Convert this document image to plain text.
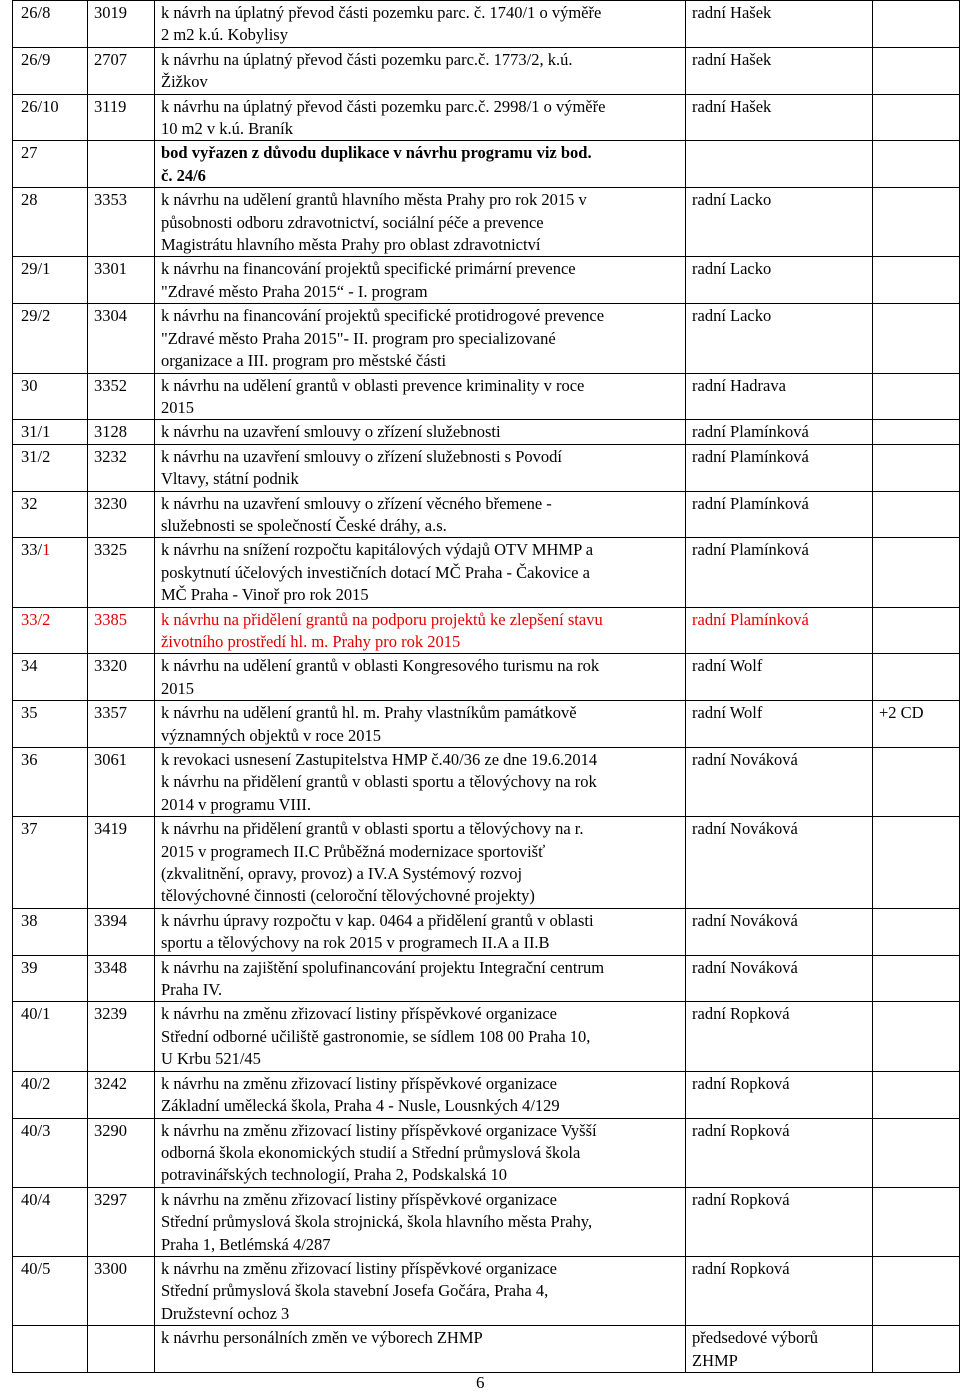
26/8	3019	k návrh na úplatný převod části pozemku parc. č. 1740/1 o výměře
2 m2 k.ú. Kobylisy	radní Hašek	

26/9	2707	k návrhu na úplatný převod části pozemku parc.č. 1773/2, k.ú.
Žižkov	radní Hašek	

26/10	3119	k návrhu na úplatný převod části pozemku parc.č. 2998/1 o výměře
10 m2 v k.ú. Braník	radní Hašek	

27		bod vyřazen z důvodu duplikace v návrhu programu viz bod.
č. 24/6		

28	3353	k návrhu na udělení grantů hlavního města Prahy pro rok 2015 v
působnosti odboru zdravotnictví, sociální péče a prevence
Magistrátu hlavního města Prahy pro oblast zdravotnictví	radní Lacko	

29/1	3301	k návrhu na financování projektů specifické primární prevence
"Zdravé město Praha 2015“ - I. program	radní Lacko	

29/2	3304	k návrhu na financování projektů specifické protidrogové prevence
"Zdravé město Praha 2015"- II. program pro specializované
organizace a III. program pro městské části	radní Lacko	

30	3352	k návrhu na udělení grantů v oblasti prevence kriminality v roce
2015	radní Hadrava	

31/1	3128	k návrhu na uzavření smlouvy o zřízení služebnosti	radní Plamínková	

31/2	3232	k návrhu na uzavření smlouvy o zřízení služebnosti s Povodí
Vltavy, státní podnik	radní Plamínková	

32	3230	k návrhu na uzavření smlouvy o zřízení věcného břemene -
služebnosti se společností České dráhy, a.s.	radní Plamínková	

33/1	3325	k návrhu na snížení rozpočtu kapitálových výdajů OTV MHMP a
poskytnutí účelových investičních dotací MČ Praha - Čakovice a
MČ Praha - Vinoř pro rok 2015	radní Plamínková	

33/2	3385	k návrhu na přidělení grantů na podporu projektů ke zlepšení stavu
životního prostředí hl. m. Prahy pro rok 2015	radní Plamínková	

34	3320	k návrhu na udělení grantů v oblasti Kongresového turismu na rok
2015	radní Wolf	

35	3357	k návrhu na udělení grantů hl. m. Prahy vlastníkům památkově
významných objektů v roce 2015	radní Wolf	+2 CD
36	3061	k revokaci usnesení Zastupitelstva HMP č.40/36 ze dne 19.6.2014
k návrhu na přidělení grantů v oblasti sportu a tělovýchovy na rok
2014 v programu VIII.	radní Nováková	

37	3419	k návrhu na přidělení grantů v oblasti sportu a tělovýchovy na r.
2015 v programech II.C Průběžná modernizace sportovišť
(zkvalitnění, opravy, provoz) a IV.A Systémový rozvoj
tělovýchovné činnosti (celoroční tělovýchovné projekty)	radní Nováková	

38	3394	k návrhu úpravy rozpočtu v kap. 0464 a přidělení grantů v oblasti
sportu a tělovýchovy na rok 2015 v programech II.A a II.B	radní Nováková	

39	3348	k návrhu na zajištění spolufinancování projektu Integrační centrum
Praha IV.	radní Nováková	

40/1	3239	k návrhu na změnu zřizovací listiny příspěvkové organizace
Střední odborné učiliště gastronomie, se sídlem 108 00 Praha 10,
U Krbu 521/45	radní Ropková	

40/2	3242	k návrhu na změnu zřizovací listiny příspěvkové organizace
Základní umělecká škola, Praha 4 - Nusle, Lousnkých 4/129	radní Ropková	

40/3	3290	k návrhu na změnu zřizovací listiny příspěvkové organizace Vyšší
odborná škola ekonomických studií a Střední průmyslová škola
potravinářských technologií, Praha 2, Podskalská 10	radní Ropková	

40/4	3297	k návrhu na změnu zřizovací listiny příspěvkové organizace
Střední průmyslová škola strojnická, škola hlavního města Prahy,
Praha 1, Betlémská 4/287	radní Ropková	

40/5	3300	k návrhu na změnu zřizovací listiny příspěvkové organizace
Střední průmyslová škola stavební Josefa Gočára, Praha 4,
Družstevní ochoz 3	radní Ropková	

		k návrhu personálních změn ve výborech ZHMP	předsedové výborů
ZHMP	

6
